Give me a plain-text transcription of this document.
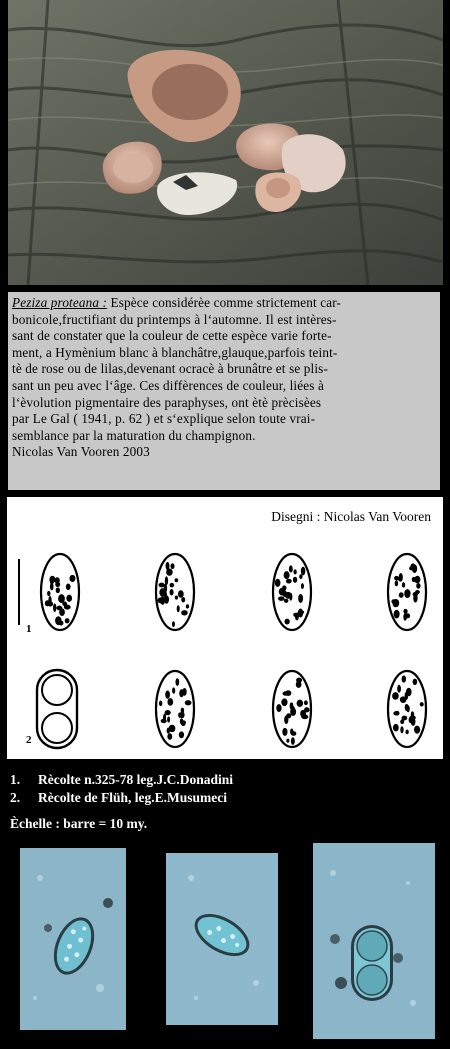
Peziza proteana : Espèce considérèe comme strictement car-
bonicole,fructifiant du printemps à l‘automne. Il est intères-
sant de constater que la couleur de cette espèce varie forte-
ment, a Hymènium blanc à blanchâtre,glauque,parfois teint-
tè de rose ou de lilas,devenant ocracè à brunâtre et se plis-
sant un peu avec l‘âge. Ces diffèrences de couleur, liées à
l‘èvolution pigmentaire des paraphyses, ont ètè prècisèes
par Le Gal ( 1941, p. 62 ) et s‘explique selon toute vrai-
semblance par la maturation du champignon.
Nicolas Van Vooren 2003
Disegni : Nicolas Van Vooren
1
2
1. Rècolte n.325-78 leg.J.C.Donadini
2. Rècolte de Flüh, leg.E.Musumeci
Èchelle : barre = 10 my.
